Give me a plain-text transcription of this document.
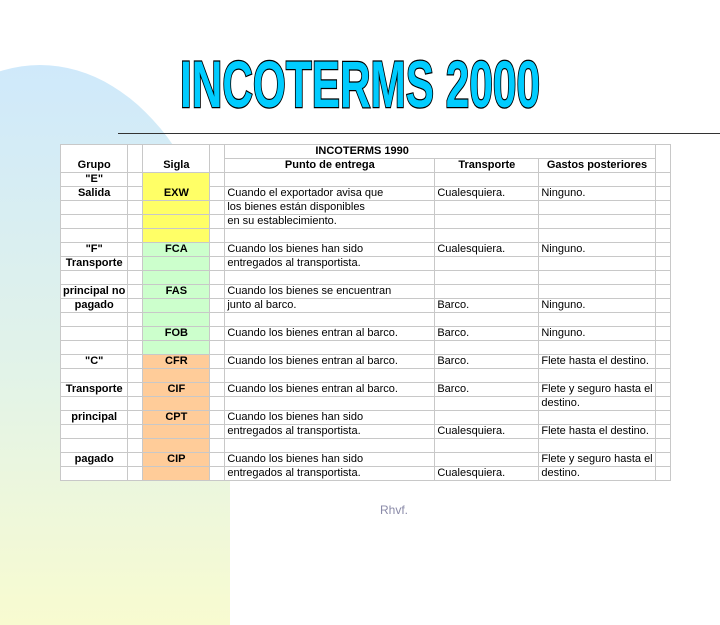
INCOTERMS 2000
				INCOTERMS 1990			
Grupo		Sigla		Punto de entrega	Transporte	Gastos posteriores	
"E"							
Salida		EXW		Cuando el exportador avisa que	Cualesquiera.	Ninguno.	
				los bienes están disponibles			
				en su establecimiento.			

"F"		FCA		Cuando los bienes han sido	Cualesquiera.	Ninguno.	
Transporte				entregados al transportista.			

principal no		FAS		Cuando los bienes se encuentran			
pagado				junto al barco.	Barco.	Ninguno.	

		FOB		Cuando los bienes entran al barco.	Barco.	Ninguno.	

"C"		CFR		Cuando los bienes entran al barco.	Barco.	Flete hasta el destino.	

Transporte		CIF		Cuando los bienes entran al barco.	Barco.	Flete y seguro hasta el	
						destino.	
principal		CPT		Cuando los bienes han sido			
				entregados al transportista.	Cualesquiera.	Flete hasta el destino.	

pagado		CIP		Cuando los bienes han sido		Flete y seguro hasta el	
				entregados al transportista.	Cualesquiera.	destino.	
Rhvf.
